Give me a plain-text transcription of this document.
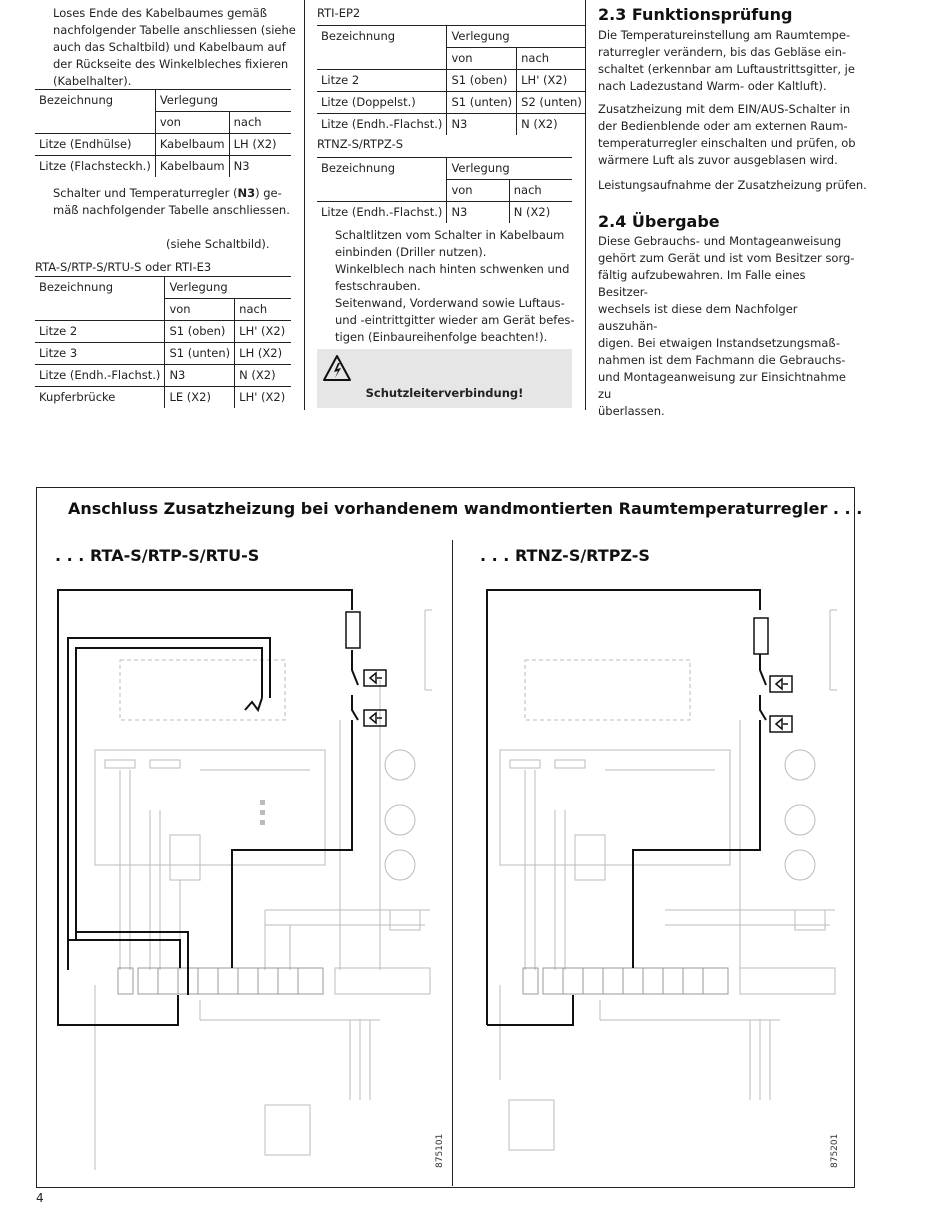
Loses Ende des Kabelbaumes gemäß

nachfolgender Tabelle anschliessen (siehe

auch das Schaltbild) und Kabelbaum auf

der Rückseite des Winkelbleches fixieren

(Kabelhalter).

Bezeichnung	Verlegung	
	von	nach
Litze (Endhülse)	Kabelbaum	LH (X2)
Litze (Flachsteckh.)	Kabelbaum	N3

Schalter und Temperaturregler (N3) ge-

mäß nachfolgender Tabelle anschliessen.

(siehe Schaltbild).
RTA-S/RTP-S/RTU-S oder RTI-E3
Bezeichnung	Verlegung	
	von	nach
Litze 2	S1 (oben)	LH' (X2)
Litze 3	S1 (unten)	LH (X2)
Litze (Endh.-Flachst.)	N3	N (X2)
Kupferbrücke	LE (X2)	LH' (X2)
RTI-EP2
Bezeichnung	Verlegung	
	von	nach
Litze 2	S1 (oben)	LH' (X2)
Litze (Doppelst.)	S1 (unten)	S2 (unten)
Litze (Endh.-Flachst.)	N3	N (X2)
RTNZ-S/RTPZ-S
Bezeichnung	Verlegung	
	von	nach
Litze (Endh.-Flachst.)	N3	N (X2)

Schaltlitzen vom Schalter in Kabelbaum

einbinden (Driller nutzen).

Winkelblech nach hinten schwenken und

festschrauben.

Seitenwand, Vorderwand sowie Luftaus-

und -eintrittgitter wieder am Gerät befes-

tigen (Einbaureihenfolge beachten!).

Schutzleiterverbindung!
2.3 Funktionsprüfung

Die Temperatureinstellung am Raumtempe-

raturregler verändern, bis das Gebläse ein-

schaltet (erkennbar am Luftaustrittsgitter, je

nach Ladezustand Warm- oder Kaltluft).

Zusatzheizung mit dem EIN/AUS-Schalter in

der Bedienblende oder am externen Raum-

temperaturregler einschalten und prüfen, ob

wärmere Luft als zuvor ausgeblasen wird.

Leistungsaufnahme der Zusatzheizung prüfen.
2.4 Übergabe

Diese Gebrauchs- und Montageanweisung

gehört zum Gerät und ist vom Besitzer sorg-

fältig aufzubewahren. Im Falle eines Besitzer-

wechsels ist diese dem Nachfolger auszuhän-

digen. Bei etwaigen Instandsetzungsmaß-

nahmen ist dem Fachmann die Gebrauchs-

und Montageanweisung zur Einsichtnahme zu

überlassen.

Anschluss Zusatzheizung bei vorhandenem wandmontierten Raumtemperaturregler . . .
. . . RTA-S/RTP-S/RTU-S	. . . RTNZ-S/RTPZ-S
875101	875201
4
